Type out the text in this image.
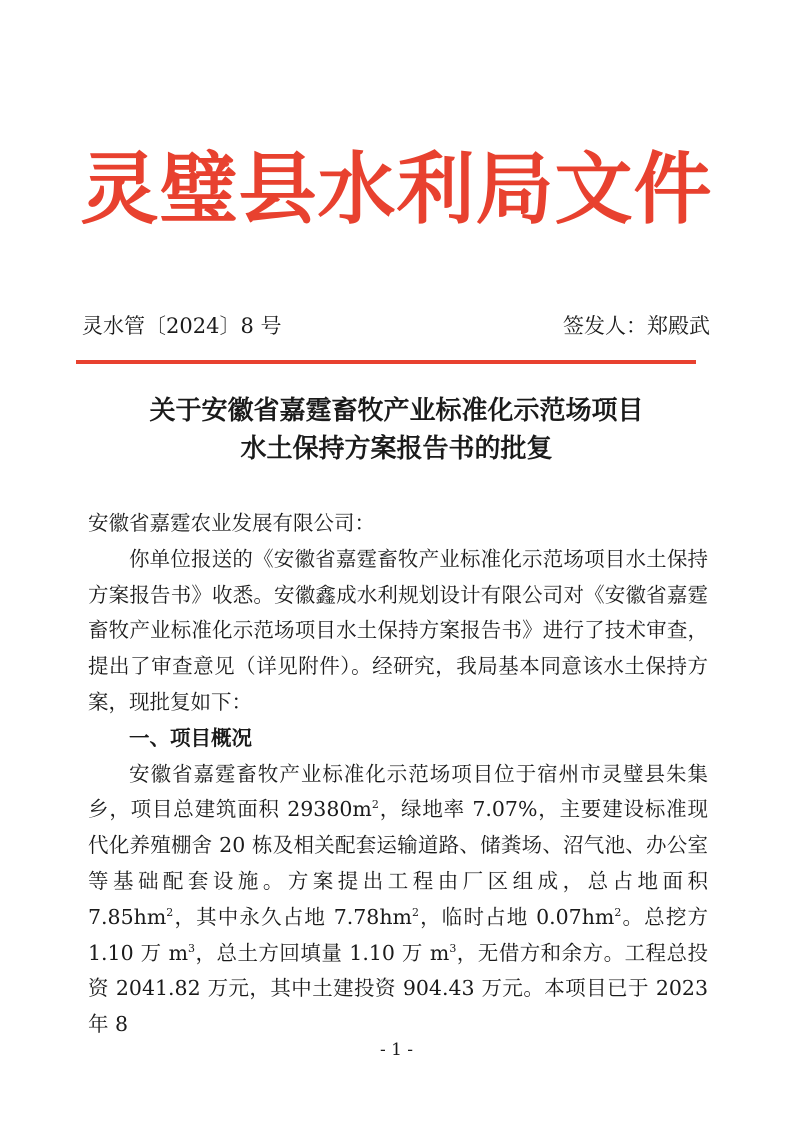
灵璧县水利局文件
灵水管〔2024〕8 号	签发人：郑殿武
关于安徽省嘉霆畜牧产业标准化示范场项目
水土保持方案报告书的批复

安徽省嘉霆农业发展有限公司：

你单位报送的《安徽省嘉霆畜牧产业标准化示范场项目水土保持方案报告书》收悉。安徽鑫成水利规划设计有限公司对《安徽省嘉霆畜牧产业标准化示范场项目水土保持方案报告书》进行了技术审查，提出了审查意见（详见附件）。经研究，我局基本同意该水土保持方案，现批复如下：

一、项目概况

安徽省嘉霆畜牧产业标准化示范场项目位于宿州市灵璧县朱集乡，项目总建筑面积 $29380m^2$，绿地率 7.07%，主要建设标准现代化养殖棚舍 20 栋及相关配套运输道路、储粪场、沼气池、办公室等基础配套设施。方案提出工程由厂区组成，总占地面积 $7.85hm^2$，其中永久占地 $7.78hm^2$，临时占地 $0.07hm^2$。总挖方 1.10 万 $m^3$，总土方回填量 1.10 万 $m^3$，无借方和余方。工程总投资 2041.82 万元，其中土建投资 904.43 万元。本项目已于 2023 年 8

- 1 -
